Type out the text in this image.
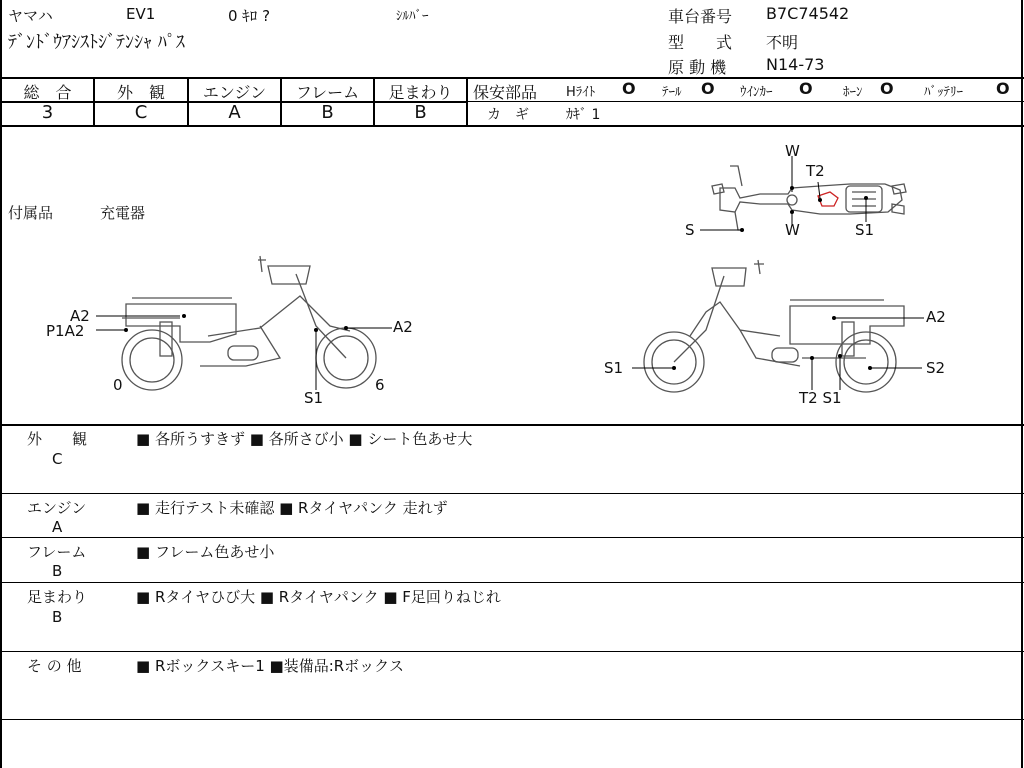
ヤマハ	EV1	0 ｷﾛ ?	ｼﾙﾊﾞｰ
ﾃﾞﾝﾄﾞｳｱｼｽﾄｼﾞﾃﾝｼｬ ﾊﾟｽ
車台番号 B7C74542
型　　式 不明
原 動 機 N14-73
総　合	外　観	エンジン	フレーム	足まわり
3	C	A	B	B
保安部品 Hﾗｲﾄ O ﾃｰﾙ O ｳｲﾝｶｰ O ﾎｰﾝ O ﾊﾞｯﾃﾘｰ O
カ　ギ	ｶｷﾞ 1
付属品	充電器
W
T2
S	W	S1
A2
P1A2	A2
0	6
S1
A2
S1	S2
T2 S1
外　　観
C
■ 各所うすきず ■ 各所さび小 ■ シート色あせ大
エンジン
A
■ 走行テスト未確認 ■ Rタイヤパンク 走れず
フレーム
B
■ フレーム色あせ小
足まわり
B
■ Rタイヤひび大 ■ Rタイヤパンク ■ F足回りねじれ
そ の 他	■ Rボックスキー1 ■装備品:Rボックス
